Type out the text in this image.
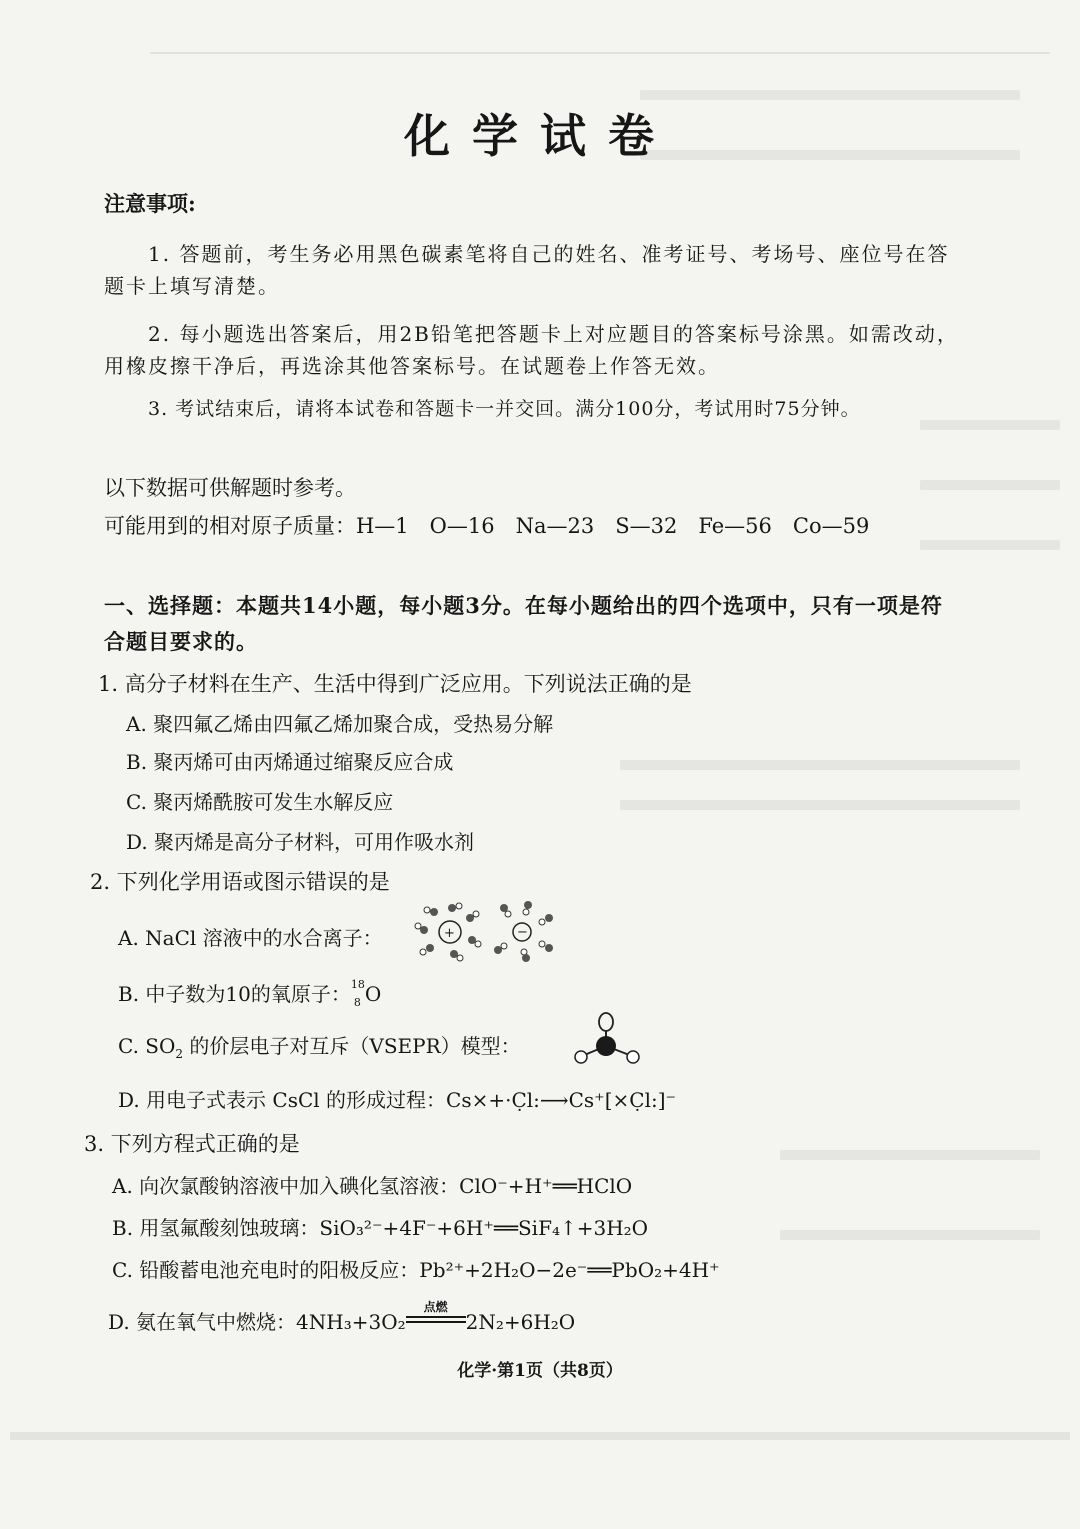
化学试卷
注意事项:
1. 答题前，考生务必用黑色碳素笔将自己的姓名、准考证号、考场号、座位号在答
题卡上填写清楚。
2. 每小题选出答案后，用2B铅笔把答题卡上对应题目的答案标号涂黑。如需改动，
用橡皮擦干净后，再选涂其他答案标号。在试题卷上作答无效。
3. 考试结束后，请将本试卷和答题卡一并交回。满分100分，考试用时75分钟。
以下数据可供解题时参考。
可能用到的相对原子质量：H—1　O—16　Na—23　S—32　Fe—56　Co—59
一、选择题：本题共14小题，每小题3分。在每小题给出的四个选项中，只有一项是符
合题目要求的。
1. 高分子材料在生产、生活中得到广泛应用。下列说法正确的是
A. 聚四氟乙烯由四氟乙烯加聚合成，受热易分解
B. 聚丙烯可由丙烯通过缩聚反应合成
C. 聚丙烯酰胺可发生水解反应
D. 聚丙烯是高分子材料，可用作吸水剂
2. 下列化学用语或图示错误的是
A. NaCl 溶液中的水合离子：	+	−
B. 中子数为10的氧原子： 18
8 O
C. $SO_2$ 的价层电子对互斥（VSEPR）模型：
D. 用电子式表示 CsCl 的形成过程：Cs×+·C̣l:⟶Cs⁺[×C̣l:]⁻
3. 下列方程式正确的是
A. 向次氯酸钠溶液中加入碘化氢溶液：ClO⁻+H⁺══HClO
B. 用氢氟酸刻蚀玻璃：SiO₃²⁻+4F⁻+6H⁺══SiF₄↑+3H₂O
C. 铅酸蓄电池充电时的阳极反应：Pb²⁺+2H₂O−2e⁻══PbO₂+4H⁺
D. 氨在氧气中燃烧：4NH₃+3O₂
点燃
2N₂+6H₂O
化学·第1页（共8页）
